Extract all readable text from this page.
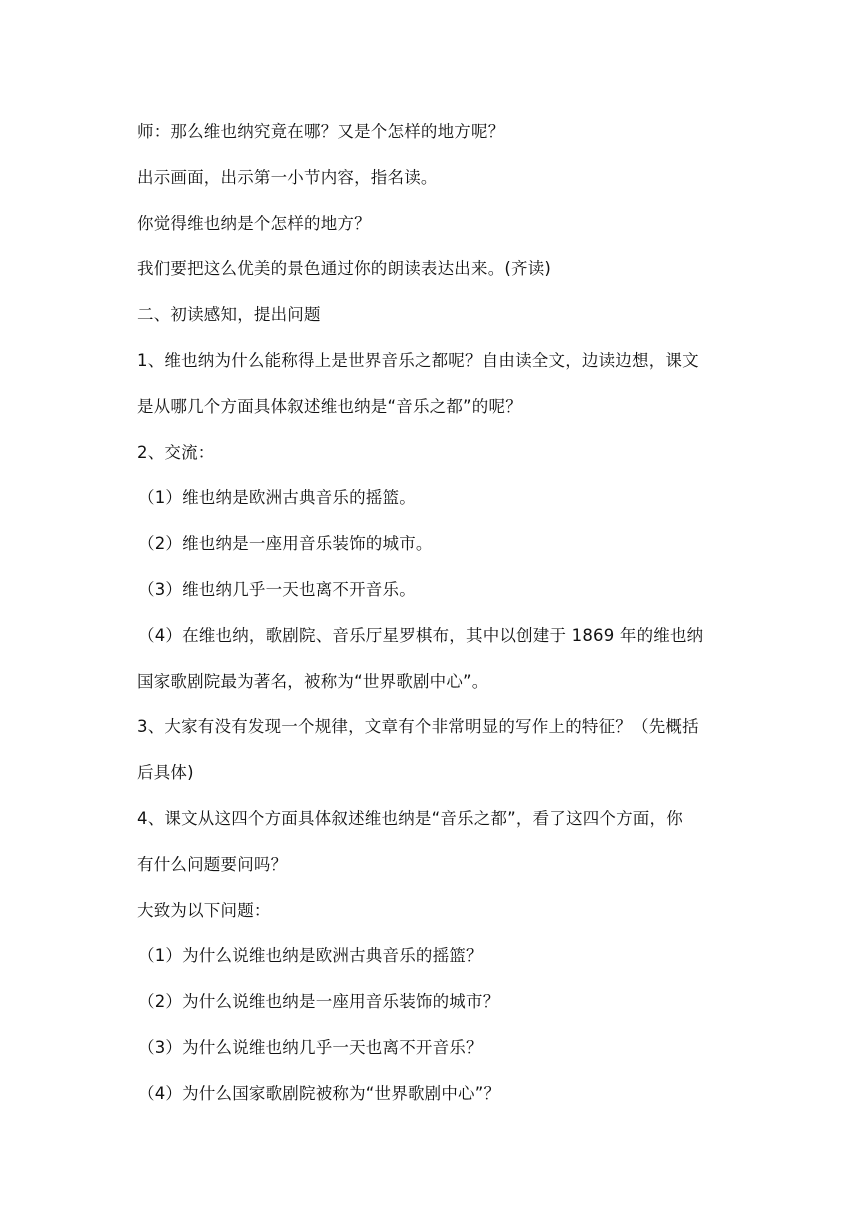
师：那么维也纳究竟在哪？又是个怎样的地方呢？

出示画面，出示第一小节内容，指名读。

你觉得维也纳是个怎样的地方？

我们要把这么优美的景色通过你的朗读表达出来。(齐读)

二、初读感知，提出问题

1、维也纳为什么能称得上是世界音乐之都呢？自由读全文，边读边想，课文

是从哪几个方面具体叙述维也纳是“音乐之都”的呢？

2、交流：

（1）维也纳是欧洲古典音乐的摇篮。

（2）维也纳是一座用音乐装饰的城市。

（3）维也纳几乎一天也离不开音乐。

（4）在维也纳，歌剧院、音乐厅星罗棋布，其中以创建于 1869 年的维也纳

国家歌剧院最为著名，被称为“世界歌剧中心”。

3、大家有没有发现一个规律，文章有个非常明显的写作上的特征？（先概括

后具体)

4、课文从这四个方面具体叙述维也纳是“音乐之都”，看了这四个方面，你

有什么问题要问吗？

大致为以下问题：

（1）为什么说维也纳是欧洲古典音乐的摇篮？

（2）为什么说维也纳是一座用音乐装饰的城市？

（3）为什么说维也纳几乎一天也离不开音乐？

（4）为什么国家歌剧院被称为“世界歌剧中心”？
